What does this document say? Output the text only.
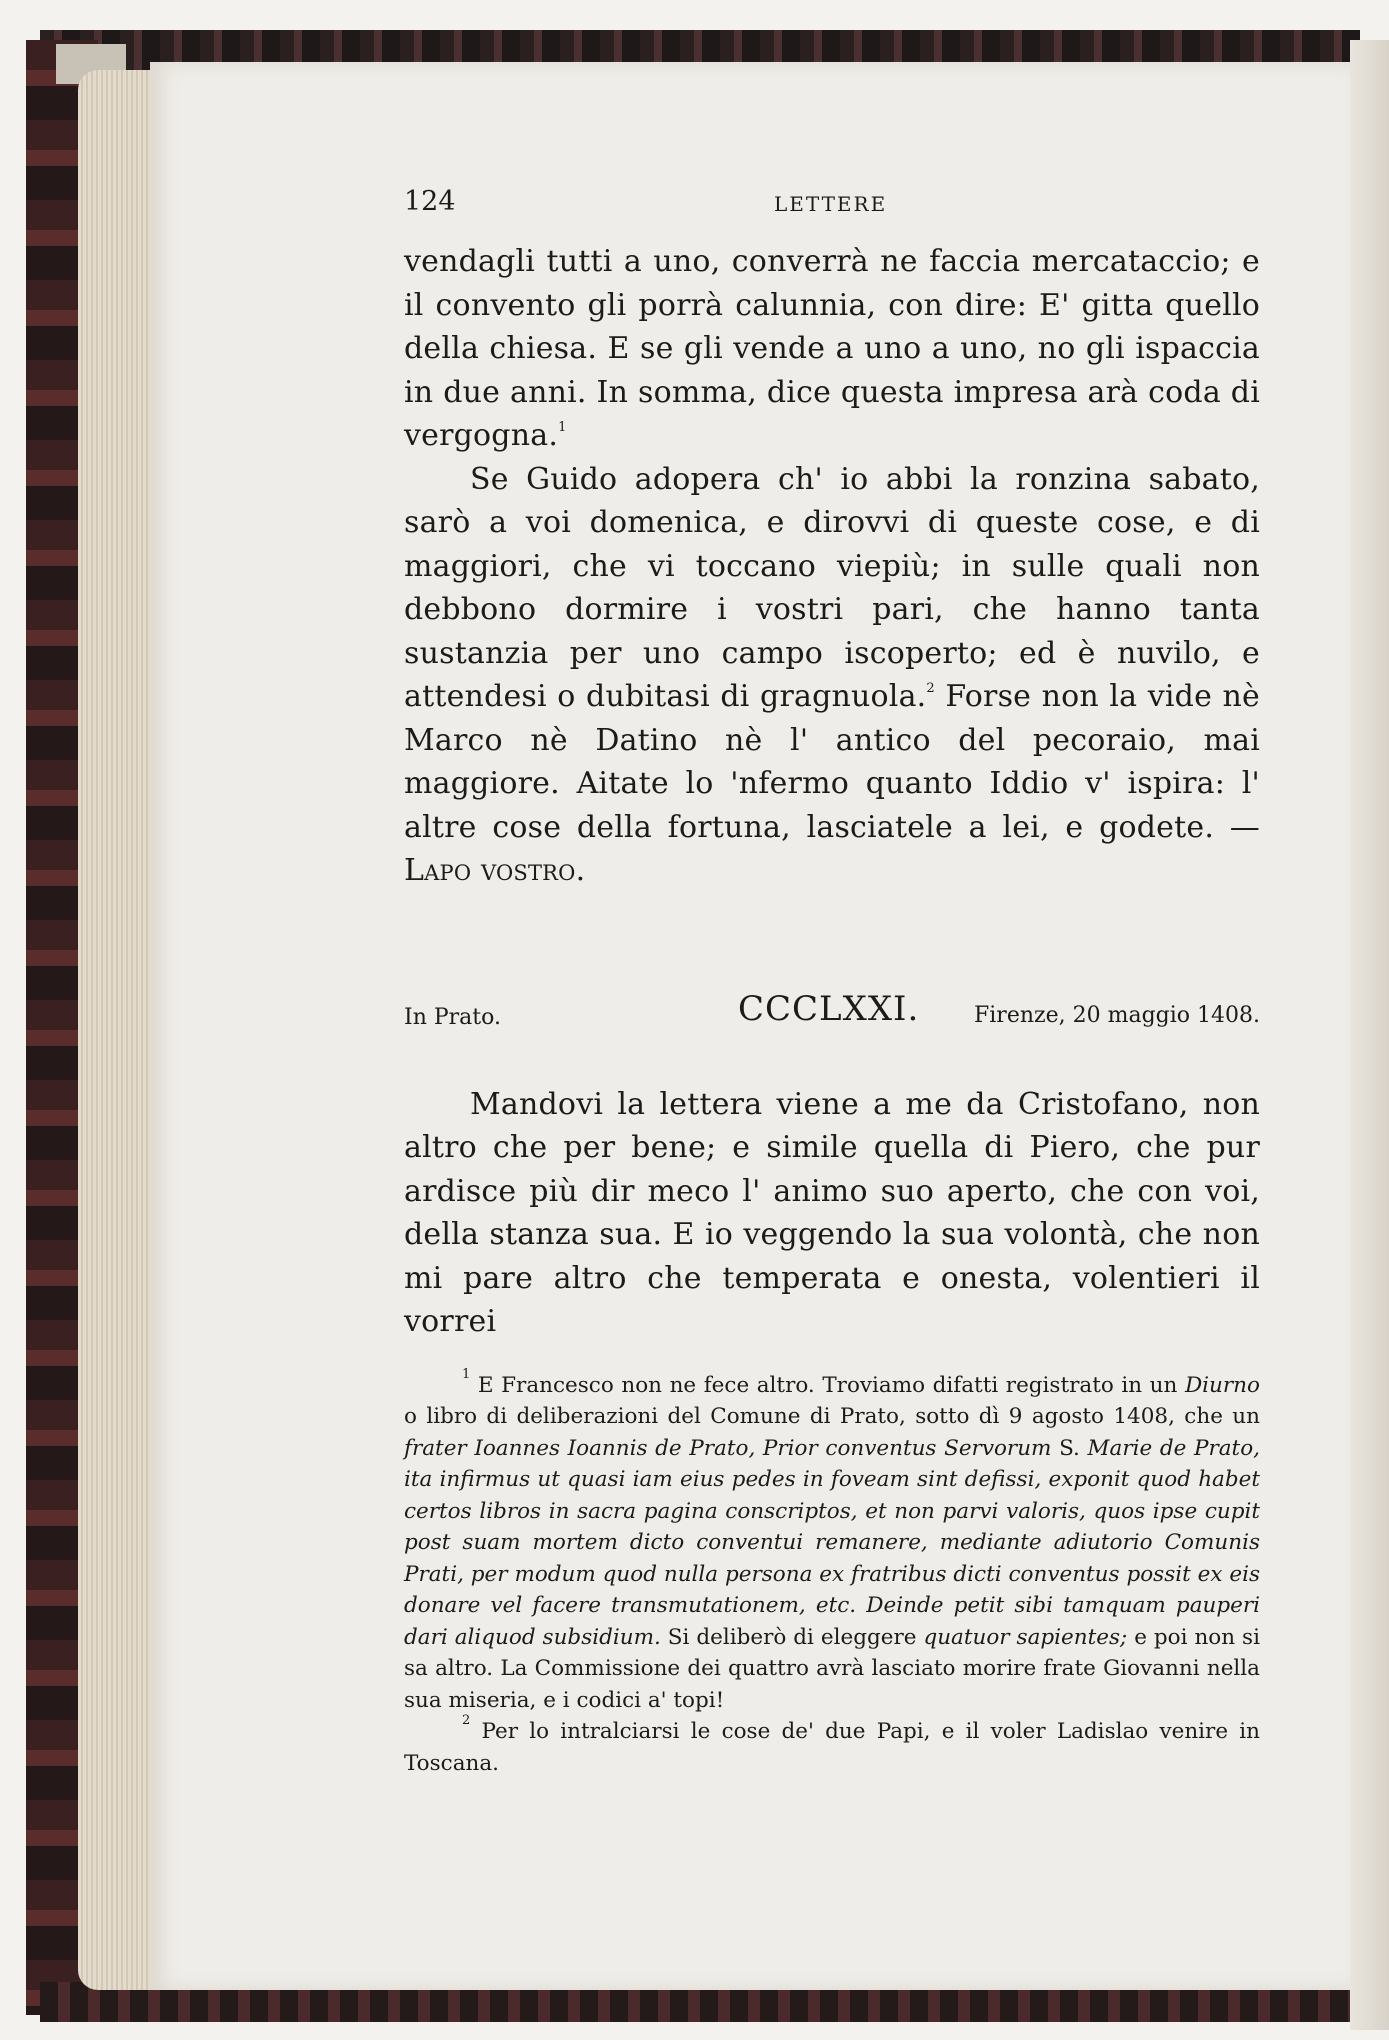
124	LETTERE

vendagli tutti a uno, converrà ne faccia mercataccio; e il convento gli porrà calunnia, con dire: E' gitta quello della chiesa. E se gli vende a uno a uno, no gli ispaccia in due anni. In somma, dice questa impresa arà coda di vergogna.$^1$

Se Guido adopera ch' io abbi la ronzina sabato, sarò a voi domenica, e dirovvi di queste cose, e di maggiori, che vi toccano viepiù; in sulle quali non debbono dormire i vostri pari, che hanno tanta sustanzia per uno campo iscoperto; ed è nuvilo, e attendesi o dubitasi di gragnuola.$^2$ Forse non la vide nè Marco nè Datino nè l' antico del pecoraio, mai maggiore. Aitate lo 'nfermo quanto Iddio v' ispira: l' altre cose della fortuna, lasciatele a lei, e godete. — Lapo vostro.

In Prato.	CCCLXXI. Firenze, 20 maggio 1408.

Mandovi la lettera viene a me da Cristofano, non altro che per bene; e simile quella di Piero, che pur ardisce più dir meco l' animo suo aperto, che con voi, della stanza sua. E io veggendo la sua volontà, che non mi pare altro che temperata e onesta, volentieri il vorrei

$^1$ E Francesco non ne fece altro. Troviamo difatti registrato in un Diurno o libro di deliberazioni del Comune di Prato, sotto dì 9 agosto 1408, che un frater Ioannes Ioannis de Prato, Prior conventus Servorum S. Marie de Prato, ita infirmus ut quasi iam eius pedes in foveam sint defissi, exponit quod habet certos libros in sacra pagina conscriptos, et non parvi valoris, quos ipse cupit post suam mortem dicto conventui remanere, mediante adiutorio Comunis Prati, per modum quod nulla persona ex fratribus dicti conventus possit ex eis donare vel facere transmutationem, etc. Deinde petit sibi tamquam pauperi dari aliquod subsidium. Si deliberò di eleggere quatuor sapientes; e poi non si sa altro. La Commissione dei quattro avrà lasciato morire frate Giovanni nella sua miseria, e i codici a' topi!

$^2$ Per lo intralciarsi le cose de' due Papi, e il voler Ladislao venire in Toscana.
